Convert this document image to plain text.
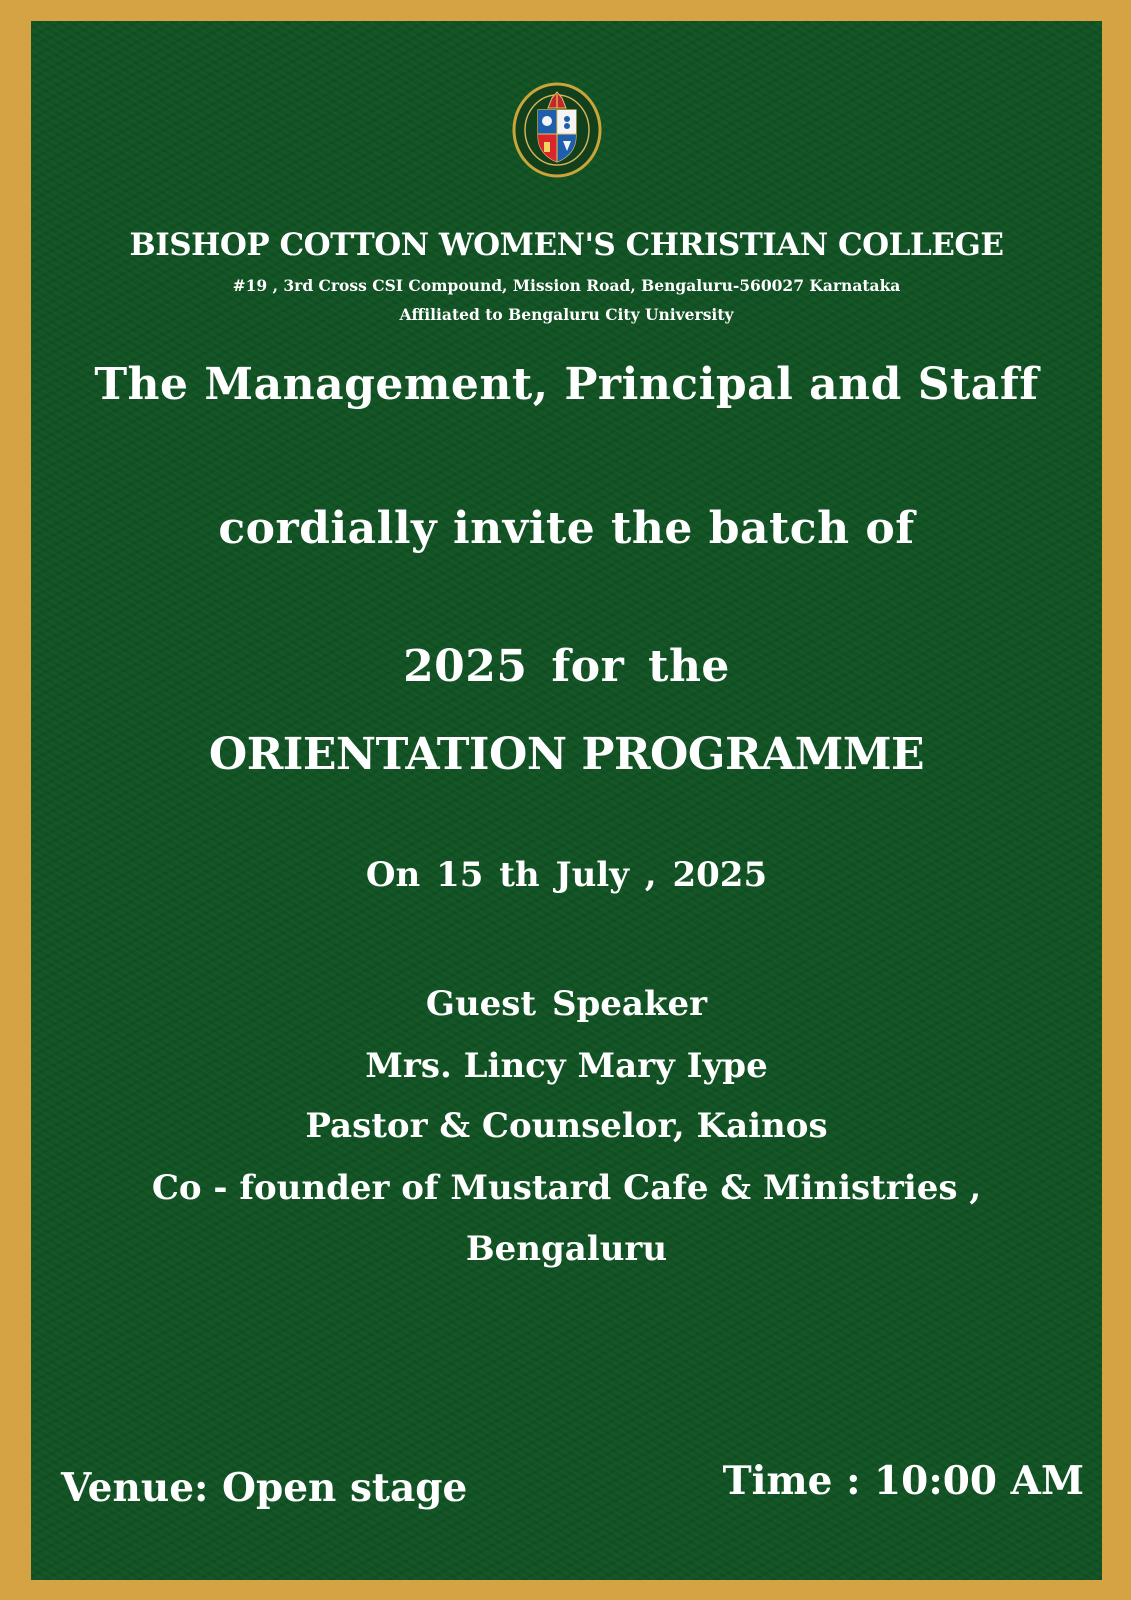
BISHOP COTTON WOMEN'S CHRISTIAN COLLEGE

#19 , 3rd Cross CSI Compound, Mission Road, Bengaluru-560027 Karnataka

Affiliated to Bengaluru City University

The Management, Principal and Staff

cordially invite the batch of

2025 for the

ORIENTATION PROGRAMME

On 15 th July , 2025

Guest Speaker

Mrs. Lincy Mary Iype

Pastor & Counselor, Kainos

Co - founder of Mustard Cafe & Ministries ,

Bengaluru

Venue: Open stage	Time : 10:00 AM
